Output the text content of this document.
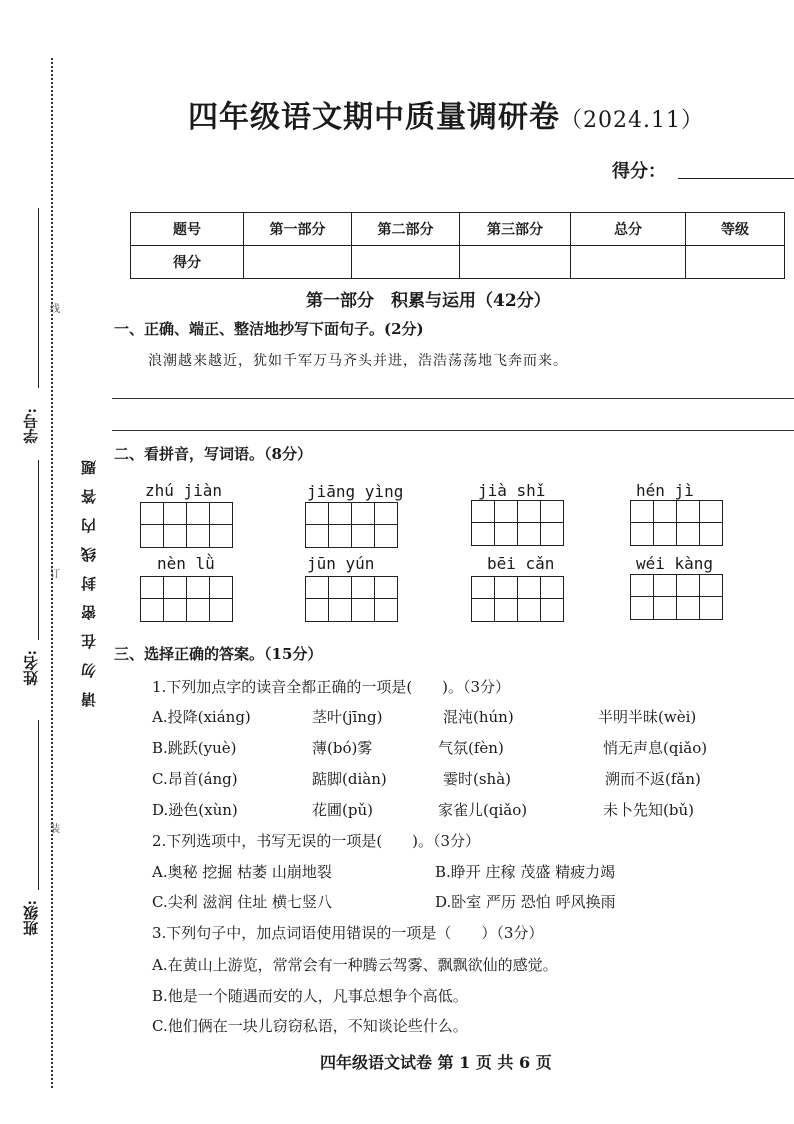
线
订
装
学号:
姓名:
班级:
请勿在密封线内答题
四年级语文期中质量调研卷（2024.11）
得分：
题号	第一部分	第二部分	第三部分	总分	等级
得分					
第一部分　积累与运用（42分）
一、正确、端正、整洁地抄写下面句子。(2分)
浪潮越来越近，犹如千军万马齐头并进，浩浩荡荡地飞奔而来。
二、看拼音，写词语。（8分）
zhú jiàn	jiāng yìng	jià shǐ	hén jì
nèn lǜ	jūn yún	bēi cǎn	wéi kàng
三、选择正确的答案。（15分）
1.下列加点字的读音全都正确的一项是(　　)。（3分）
A.投降(xiáng)	茎叶(jīng)	混沌(hún)	半明半昧(wèi)
B.跳跃(yuè)	薄(bó)雾	气氛(fèn)	悄无声息(qiǎo)
C.昂首(áng)	踮脚(diàn)	霎时(shà)	溯而不返(fǎn)
D.逊色(xùn)	花圃(pǔ)	家雀儿(qiǎo)	未卜先知(bǔ)
2.下列选项中，书写无误的一项是(　　)。（3分）
A.奥秘 挖掘 枯萎 山崩地裂	B.睁开 庄稼 茂盛 精疲力竭
C.尖利 滋润 住址 横七竖八	D.卧室 严历 恐怕 呼风换雨
3.下列句子中，加点词语使用错误的一项是（　　）（3分）
A.在黄山上游览，常常会有一种腾云驾雾、飘飘欲仙的感觉。
B.他是一个随遇而安的人，凡事总想争个高低。
C.他们俩在一块儿窃窃私语，不知谈论些什么。
四年级语文试卷 第 1 页 共 6 页
